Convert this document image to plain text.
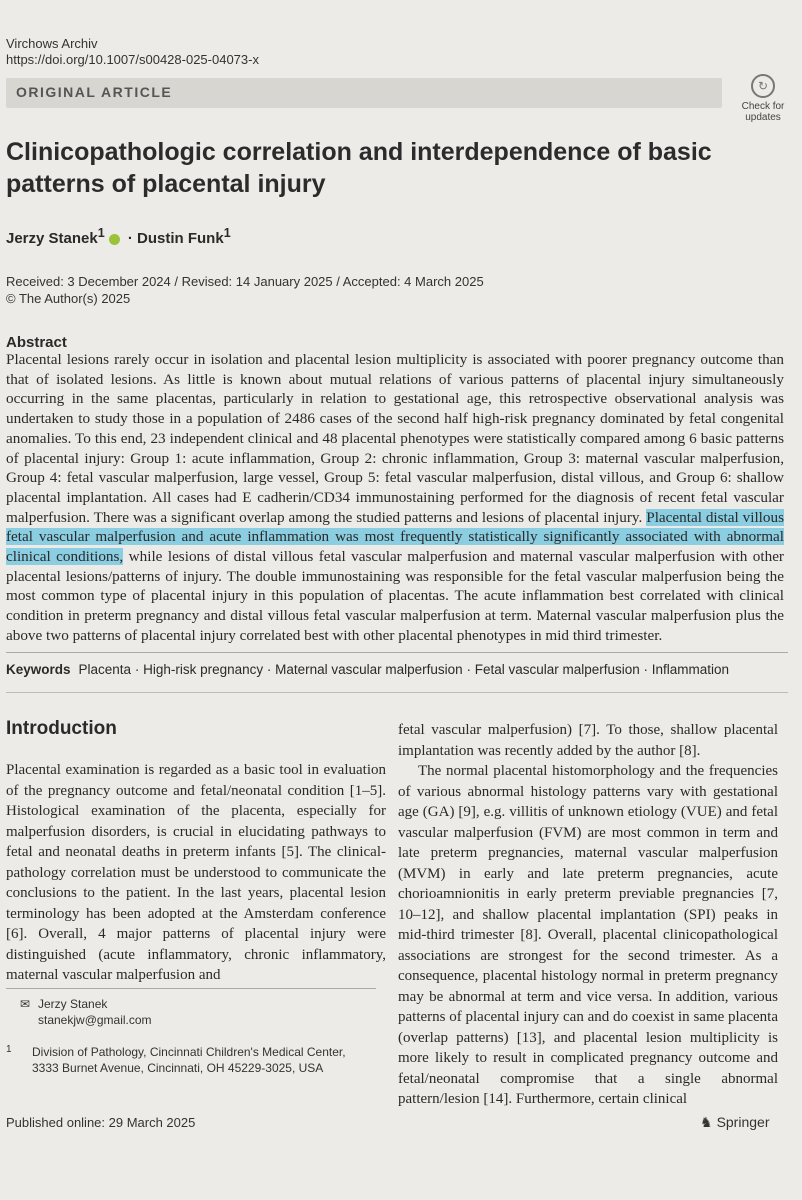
Virchows Archiv
https://doi.org/10.1007/s00428-025-04073-x
ORIGINAL ARTICLE	↻
Check for updates
Clinicopathologic correlation and interdependence of basic patterns of placental injury
Jerzy Stanek$^1$ · Dustin Funk$^1$
Received: 3 December 2024 / Revised: 14 January 2025 / Accepted: 4 March 2025
© The Author(s) 2025
Abstract
Placental lesions rarely occur in isolation and placental lesion multiplicity is associated with poorer pregnancy outcome than that of isolated lesions. As little is known about mutual relations of various patterns of placental injury simultaneously occurring in the same placentas, particularly in relation to gestational age, this retrospective observational analysis was undertaken to study those in a population of 2486 cases of the second half high-risk pregnancy dominated by fetal congenital anomalies. To this end, 23 independent clinical and 48 placental phenotypes were statistically compared among 6 basic patterns of placental injury: Group 1: acute inflammation, Group 2: chronic inflammation, Group 3: maternal vascular malperfusion, Group 4: fetal vascular malperfusion, large vessel, Group 5: fetal vascular malperfusion, distal villous, and Group 6: shallow placental implantation. All cases had E cadherin/CD34 immunostaining performed for the diagnosis of recent fetal vascular malperfusion. There was a significant overlap among the studied patterns and lesions of placental injury. Placental distal villous fetal vascular malperfusion and acute inflammation was most frequently statistically significantly associated with abnormal clinical conditions, while lesions of distal villous fetal vascular malperfusion and maternal vascular malperfusion with other placental lesions/patterns of injury. The double immunostaining was responsible for the fetal vascular malperfusion being the most common type of placental injury in this population of placentas. The acute inflammation best correlated with clinical condition in preterm pregnancy and distal villous fetal vascular malperfusion at term. Maternal vascular malperfusion plus the above two patterns of placental injury correlated best with other placental phenotypes in mid third trimester.
Keywords Placenta · High-risk pregnancy · Maternal vascular malperfusion · Fetal vascular malperfusion · Inflammation
Introduction
Placental examination is regarded as a basic tool in evaluation of the pregnancy outcome and fetal/neonatal condition [1–5]. Histological examination of the placenta, especially for malperfusion disorders, is crucial in elucidating pathways to fetal and neonatal deaths in preterm infants [5]. The clinical-pathology correlation must be understood to communicate the conclusions to the patient. In the last years, placental lesion terminology has been adopted at the Amsterdam conference [6]. Overall, 4 major patterns of placental injury were distinguished (acute inflammatory, chronic inflammatory, maternal vascular malperfusion and

fetal vascular malperfusion) [7]. To those, shallow placental implantation was recently added by the author [8].

The normal placental histomorphology and the frequencies of various abnormal histology patterns vary with gestational age (GA) [9], e.g. villitis of unknown etiology (VUE) and fetal vascular malperfusion (FVM) are most common in term and late preterm pregnancies, maternal vascular malperfusion (MVM) in early and late preterm pregnancies, acute chorioamnionitis in early preterm previable pregnancies [7, 10–12], and shallow placental implantation (SPI) peaks in mid-third trimester [8]. Overall, placental clinicopathological associations are strongest for the second trimester. As a consequence, placental histology normal in preterm pregnancy may be abnormal at term and vice versa. In addition, various patterns of placental injury can and do coexist in same placenta (overlap patterns) [13], and placental lesion multiplicity is more likely to result in complicated pregnancy outcome and fetal/neonatal compromise that a single abnormal pattern/lesion [14]. Furthermore, certain clinical

✉ Jerzy Stanek
stanekjw@gmail.com
1 Division of Pathology, Cincinnati Children's Medical Center, 3333 Burnet Avenue, Cincinnati, OH 45229-3025, USA
Published online: 29 March 2025	♞ Springer
